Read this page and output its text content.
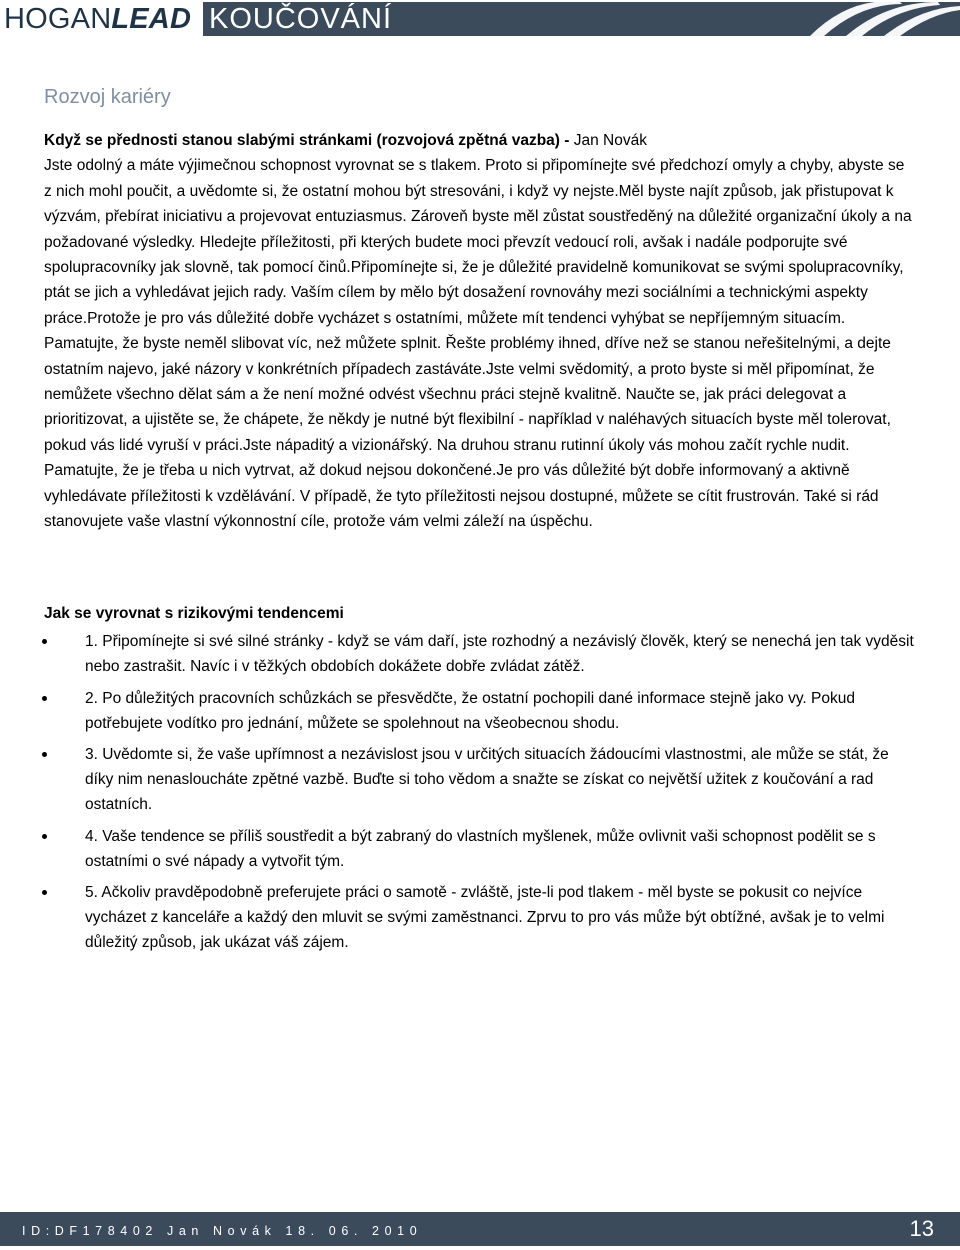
HOGANLEAD KOUČOVÁNÍ
Rozvoj kariéry

Když se přednosti stanou slabými stránkami (rozvojová zpětná vazba) - Jan Novák

Jste odolný a máte výjimečnou schopnost vyrovnat se s tlakem. Proto si připomínejte své předchozí omyly a chyby, abyste se z nich mohl poučit, a uvědomte si, že ostatní mohou být stresováni, i když vy nejste.Měl byste najít způsob, jak přistupovat k výzvám, přebírat iniciativu a projevovat entuziasmus. Zároveň byste měl zůstat soustředěný na důležité organizační úkoly a na požadované výsledky. Hledejte příležitosti, při kterých budete moci převzít vedoucí roli, avšak i nadále podporujte své spolupracovníky jak slovně, tak pomocí činů.Připomínejte si, že je důležité pravidelně komunikovat se svými spolupracovníky, ptát se jich a vyhledávat jejich rady. Vaším cílem by mělo být dosažení rovnováhy mezi sociálními a technickými aspekty práce.Protože je pro vás důležité dobře vycházet s ostatními, můžete mít tendenci vyhýbat se nepříjemným situacím. Pamatujte, že byste neměl slibovat víc, než můžete splnit. Řešte problémy ihned, dříve než se stanou neřešitelnými, a dejte ostatním najevo, jaké názory v konkrétních případech zastáváte.Jste velmi svědomitý, a proto byste si měl připomínat, že nemůžete všechno dělat sám a že není možné odvést všechnu práci stejně kvalitně. Naučte se, jak práci delegovat a prioritizovat, a ujistěte se, že chápete, že někdy je nutné být flexibilní - například v naléhavých situacích byste měl tolerovat, pokud vás lidé vyruší v práci.Jste nápaditý a vizionářský. Na druhou stranu rutinní úkoly vás mohou začít rychle nudit. Pamatujte, že je třeba u nich vytrvat, až dokud nejsou dokončené.Je pro vás důležité být dobře informovaný a aktivně vyhledávate příležitosti k vzdělávání. V případě, že tyto příležitosti nejsou dostupné, můžete se cítit frustrován. Také si rád stanovujete vaše vlastní výkonnostní cíle, protože vám velmi záleží na úspěchu.

Jak se vyrovnat s rizikovými tendencemi
1. Připomínejte si své silné stránky - když se vám daří, jste rozhodný a nezávislý člověk, který se nenechá jen tak vyděsit nebo zastrašit. Navíc i v těžkých obdobích dokážete dobře zvládat zátěž.
2. Po důležitých pracovních schůzkách se přesvědčte, že ostatní pochopili dané informace stejně jako vy. Pokud potřebujete vodítko pro jednání, můžete se spolehnout na všeobecnou shodu.
3. Uvědomte si, že vaše upřímnost a nezávislost jsou v určitých situacích žádoucími vlastnostmi, ale může se stát, že díky nim nenasloucháte zpětné vazbě. Buďte si toho vědom a snažte se získat co největší užitek z koučování a rad ostatních.
4. Vaše tendence se příliš soustředit a být zabraný do vlastních myšlenek, může ovlivnit vaši schopnost podělit se s ostatními o své nápady a vytvořit tým.
5. Ačkoliv pravděpodobně preferujete práci o samotě - zvláště, jste-li pod tlakem - měl byste se pokusit co nejvíce vycházet z kanceláře a každý den mluvit se svými zaměstnanci. Zprvu to pro vás může být obtížné, avšak je to velmi důležitý způsob, jak ukázat váš zájem.
ID:DF178402 Jan Novák 18. 06. 2010	13
